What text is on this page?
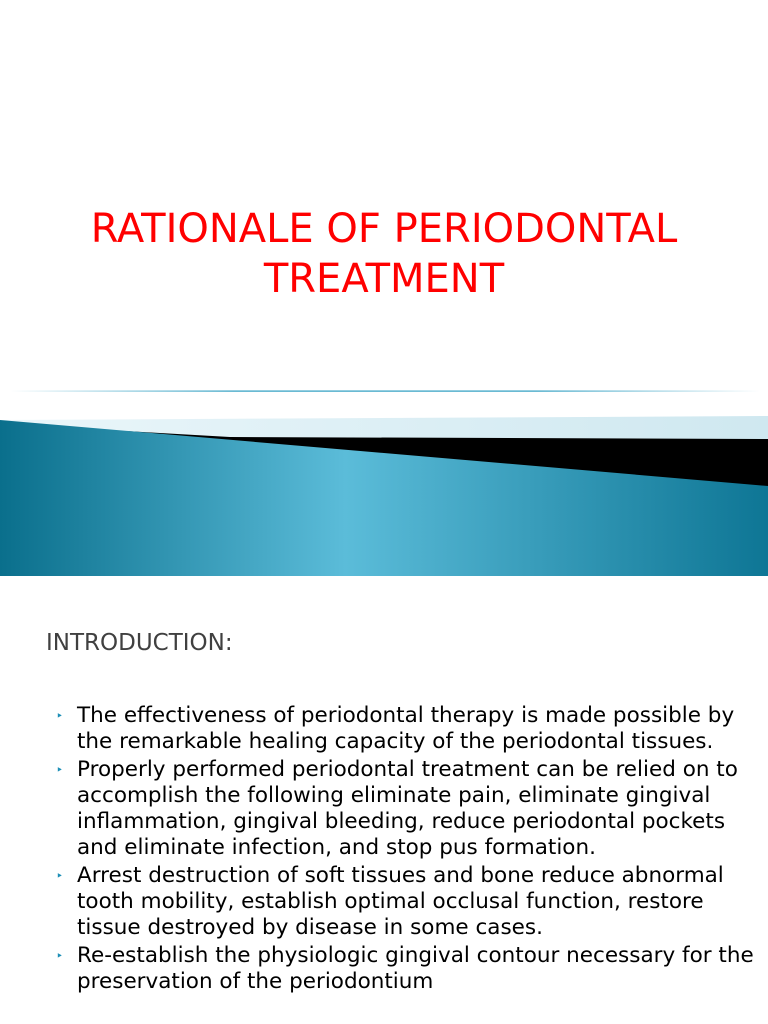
RATIONALE OF PERIODONTAL
TREATMENT
INTRODUCTION:
‣ The effectiveness of periodontal therapy is made possible by the remarkable healing capacity of the periodontal tissues.
‣ Properly performed periodontal treatment can be relied on to accomplish the following eliminate pain, eliminate gingival inflammation, gingival bleeding, reduce periodontal pockets and eliminate infection, and stop pus formation.
‣ Arrest destruction of soft tissues and bone reduce abnormal tooth mobility, establish optimal occlusal function, restore tissue destroyed by disease in some cases.
‣ Re-establish the physiologic gingival contour necessary for the preservation of the periodontium
